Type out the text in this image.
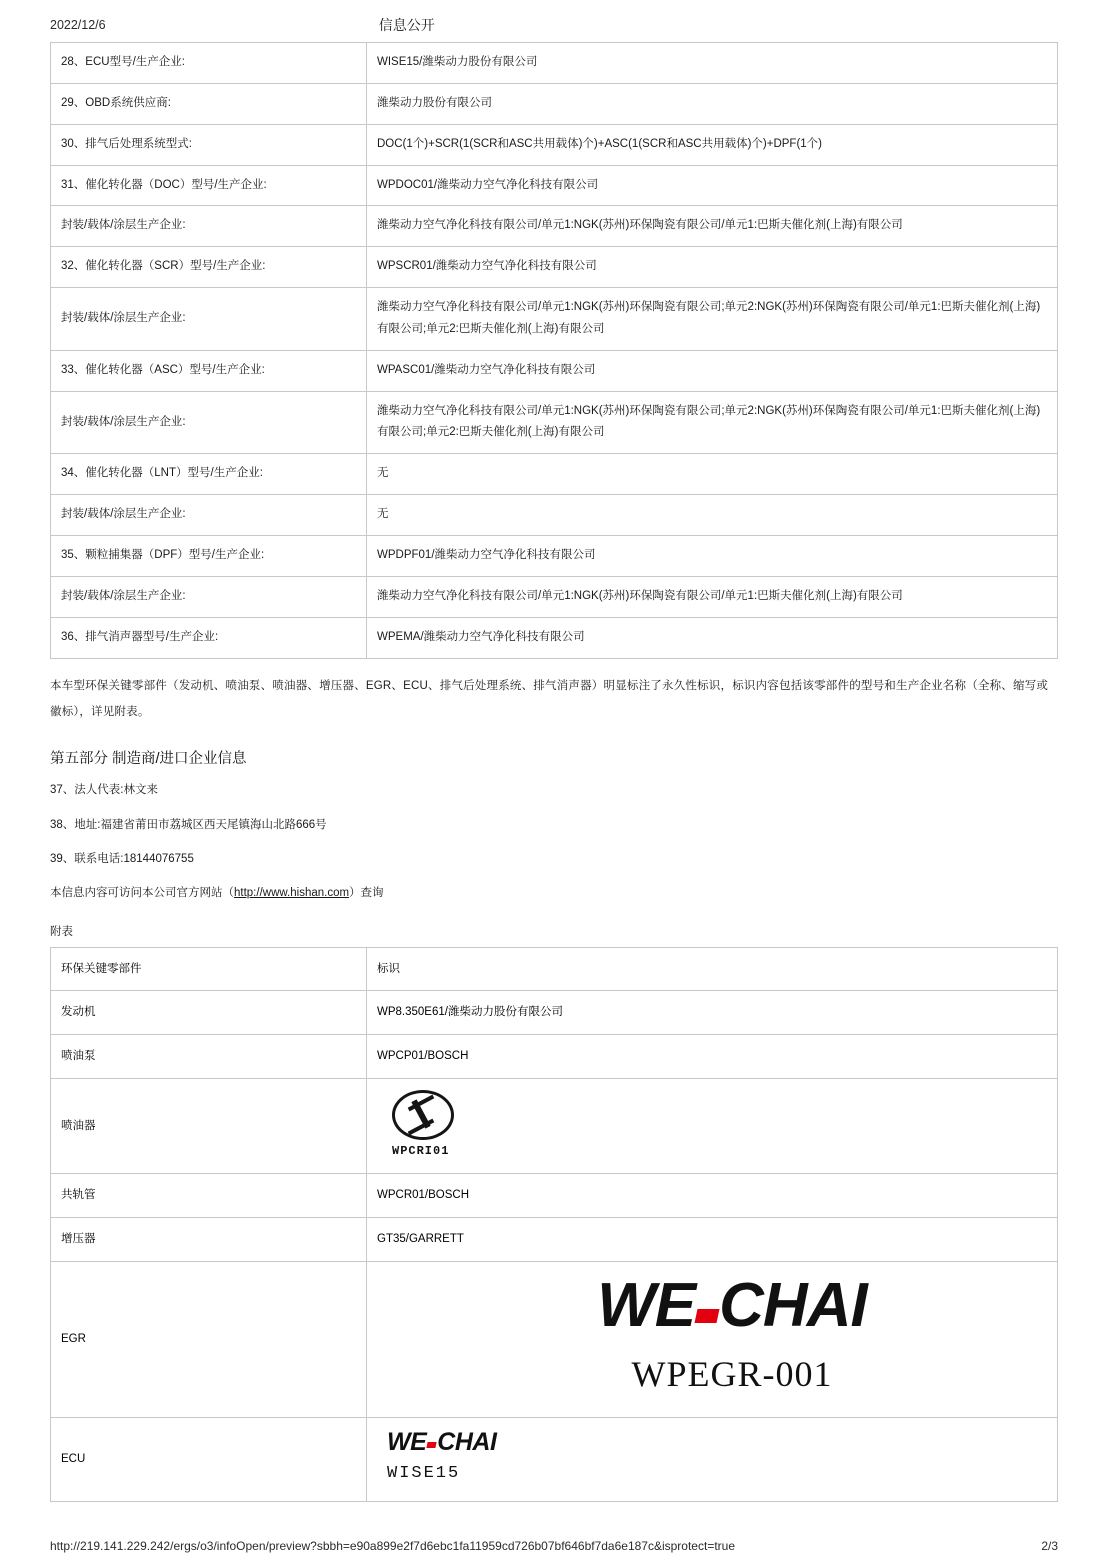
2022/12/6	信息公开
28、ECU型号/生产企业:	WISE15/潍柴动力股份有限公司
29、OBD系统供应商:	潍柴动力股份有限公司
30、排气后处理系统型式:	DOC(1个)+SCR(1(SCR和ASC共用载体)个)+ASC(1(SCR和ASC共用载体)个)+DPF(1个)
31、催化转化器（DOC）型号/生产企业:	WPDOC01/潍柴动力空气净化科技有限公司
封装/载体/涂层生产企业:	潍柴动力空气净化科技有限公司/单元1:NGK(苏州)环保陶瓷有限公司/单元1:巴斯夫催化剂(上海)有限公司
32、催化转化器（SCR）型号/生产企业:	WPSCR01/潍柴动力空气净化科技有限公司
封装/载体/涂层生产企业:	潍柴动力空气净化科技有限公司/单元1:NGK(苏州)环保陶瓷有限公司;单元2:NGK(苏州)环保陶瓷有限公司/单元1:巴斯夫催化剂(上海)有限公司;单元2:巴斯夫催化剂(上海)有限公司
33、催化转化器（ASC）型号/生产企业:	WPASC01/潍柴动力空气净化科技有限公司
封装/载体/涂层生产企业:	潍柴动力空气净化科技有限公司/单元1:NGK(苏州)环保陶瓷有限公司;单元2:NGK(苏州)环保陶瓷有限公司/单元1:巴斯夫催化剂(上海)有限公司;单元2:巴斯夫催化剂(上海)有限公司
34、催化转化器（LNT）型号/生产企业:	无
封装/载体/涂层生产企业:	无
35、颗粒捕集器（DPF）型号/生产企业:	WPDPF01/潍柴动力空气净化科技有限公司
封装/载体/涂层生产企业:	潍柴动力空气净化科技有限公司/单元1:NGK(苏州)环保陶瓷有限公司/单元1:巴斯夫催化剂(上海)有限公司
36、排气消声器型号/生产企业:	WPEMA/潍柴动力空气净化科技有限公司
本车型环保关键零部件（发动机、喷油泵、喷油器、增压器、EGR、ECU、排气后处理系统、排气消声器）明显标注了永久性标识，标识内容包括该零部件的型号和生产企业名称（全称、缩写或徽标），详见附表。
第五部分 制造商/进口企业信息
37、法人代表:林文来
38、地址:福建省莆田市荔城区西天尾镇海山北路666号
39、联系电话:18144076755
本信息内容可访问本公司官方网站（http://www.hishan.com）查询
附表
环保关键零部件	标识
发动机	WP8.350E61/潍柴动力股份有限公司
喷油泵	WPCP01/BOSCH
喷油器	WPCRI01

共轨管	WPCR01/BOSCH
增压器	GT35/GARRETT
EGR	WE CHAI
WPEGR-001

ECU	WE CHAI
WISE15
http://219.141.229.242/ergs/o3/infoOpen/preview?sbbh=e90a899e2f7d6ebc1fa11959cd726b07bf646bf7da6e187c&isprotect=true	2/3
